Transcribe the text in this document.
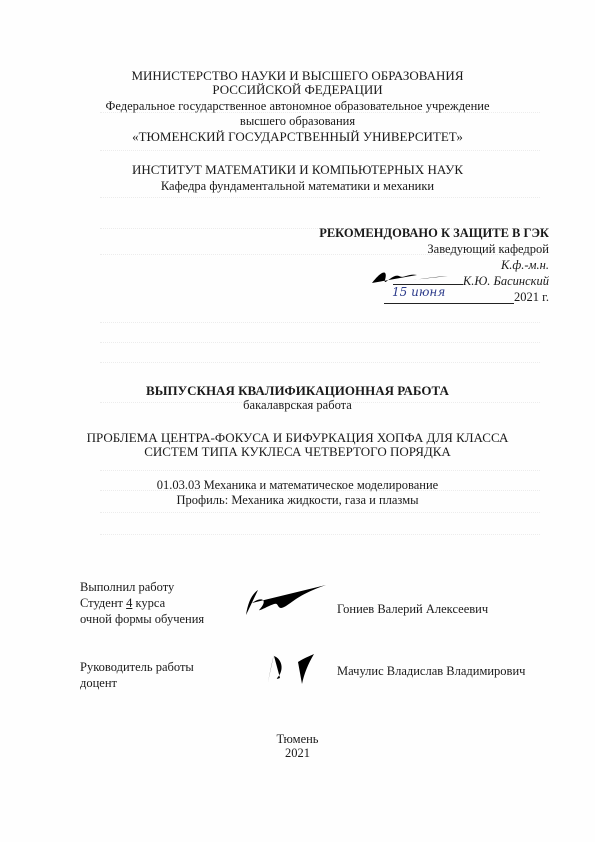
МИНИСТЕРСТВО НАУКИ И ВЫСШЕГО ОБРАЗОВАНИЯ
РОССИЙСКОЙ ФЕДЕРАЦИИ
Федеральное государственное автономное образовательное учреждение
высшего образования
«ТЮМЕНСКИЙ ГОСУДАРСТВЕННЫЙ УНИВЕРСИТЕТ»
ИНСТИТУТ МАТЕМАТИКИ И КОМПЬЮТЕРНЫХ НАУК
Кафедра фундаментальной математики и механики
РЕКОМЕНДОВАНО К ЗАЩИТЕ В ГЭК
Заведующий кафедрой
К.ф.-м.н.
К.Ю. Басинский
15 июня	2021 г.
ВЫПУСКНАЯ КВАЛИФИКАЦИОННАЯ РАБОТА
бакалаврская работа
ПРОБЛЕМА ЦЕНТРА-ФОКУСА И БИФУРКАЦИЯ ХОПФА ДЛЯ КЛАССА
СИСТЕМ ТИПА КУКЛЕСА ЧЕТВЕРТОГО ПОРЯДКА
01.03.03 Механика и математическое моделирование
Профиль: Механика жидкости, газа и плазмы
Выполнил работу
Студент 4 курса
очной формы обучения
Гониев Валерий Алексеевич
Руководитель работы
доцент
Мачулис Владислав Владимирович
Тюмень
2021
